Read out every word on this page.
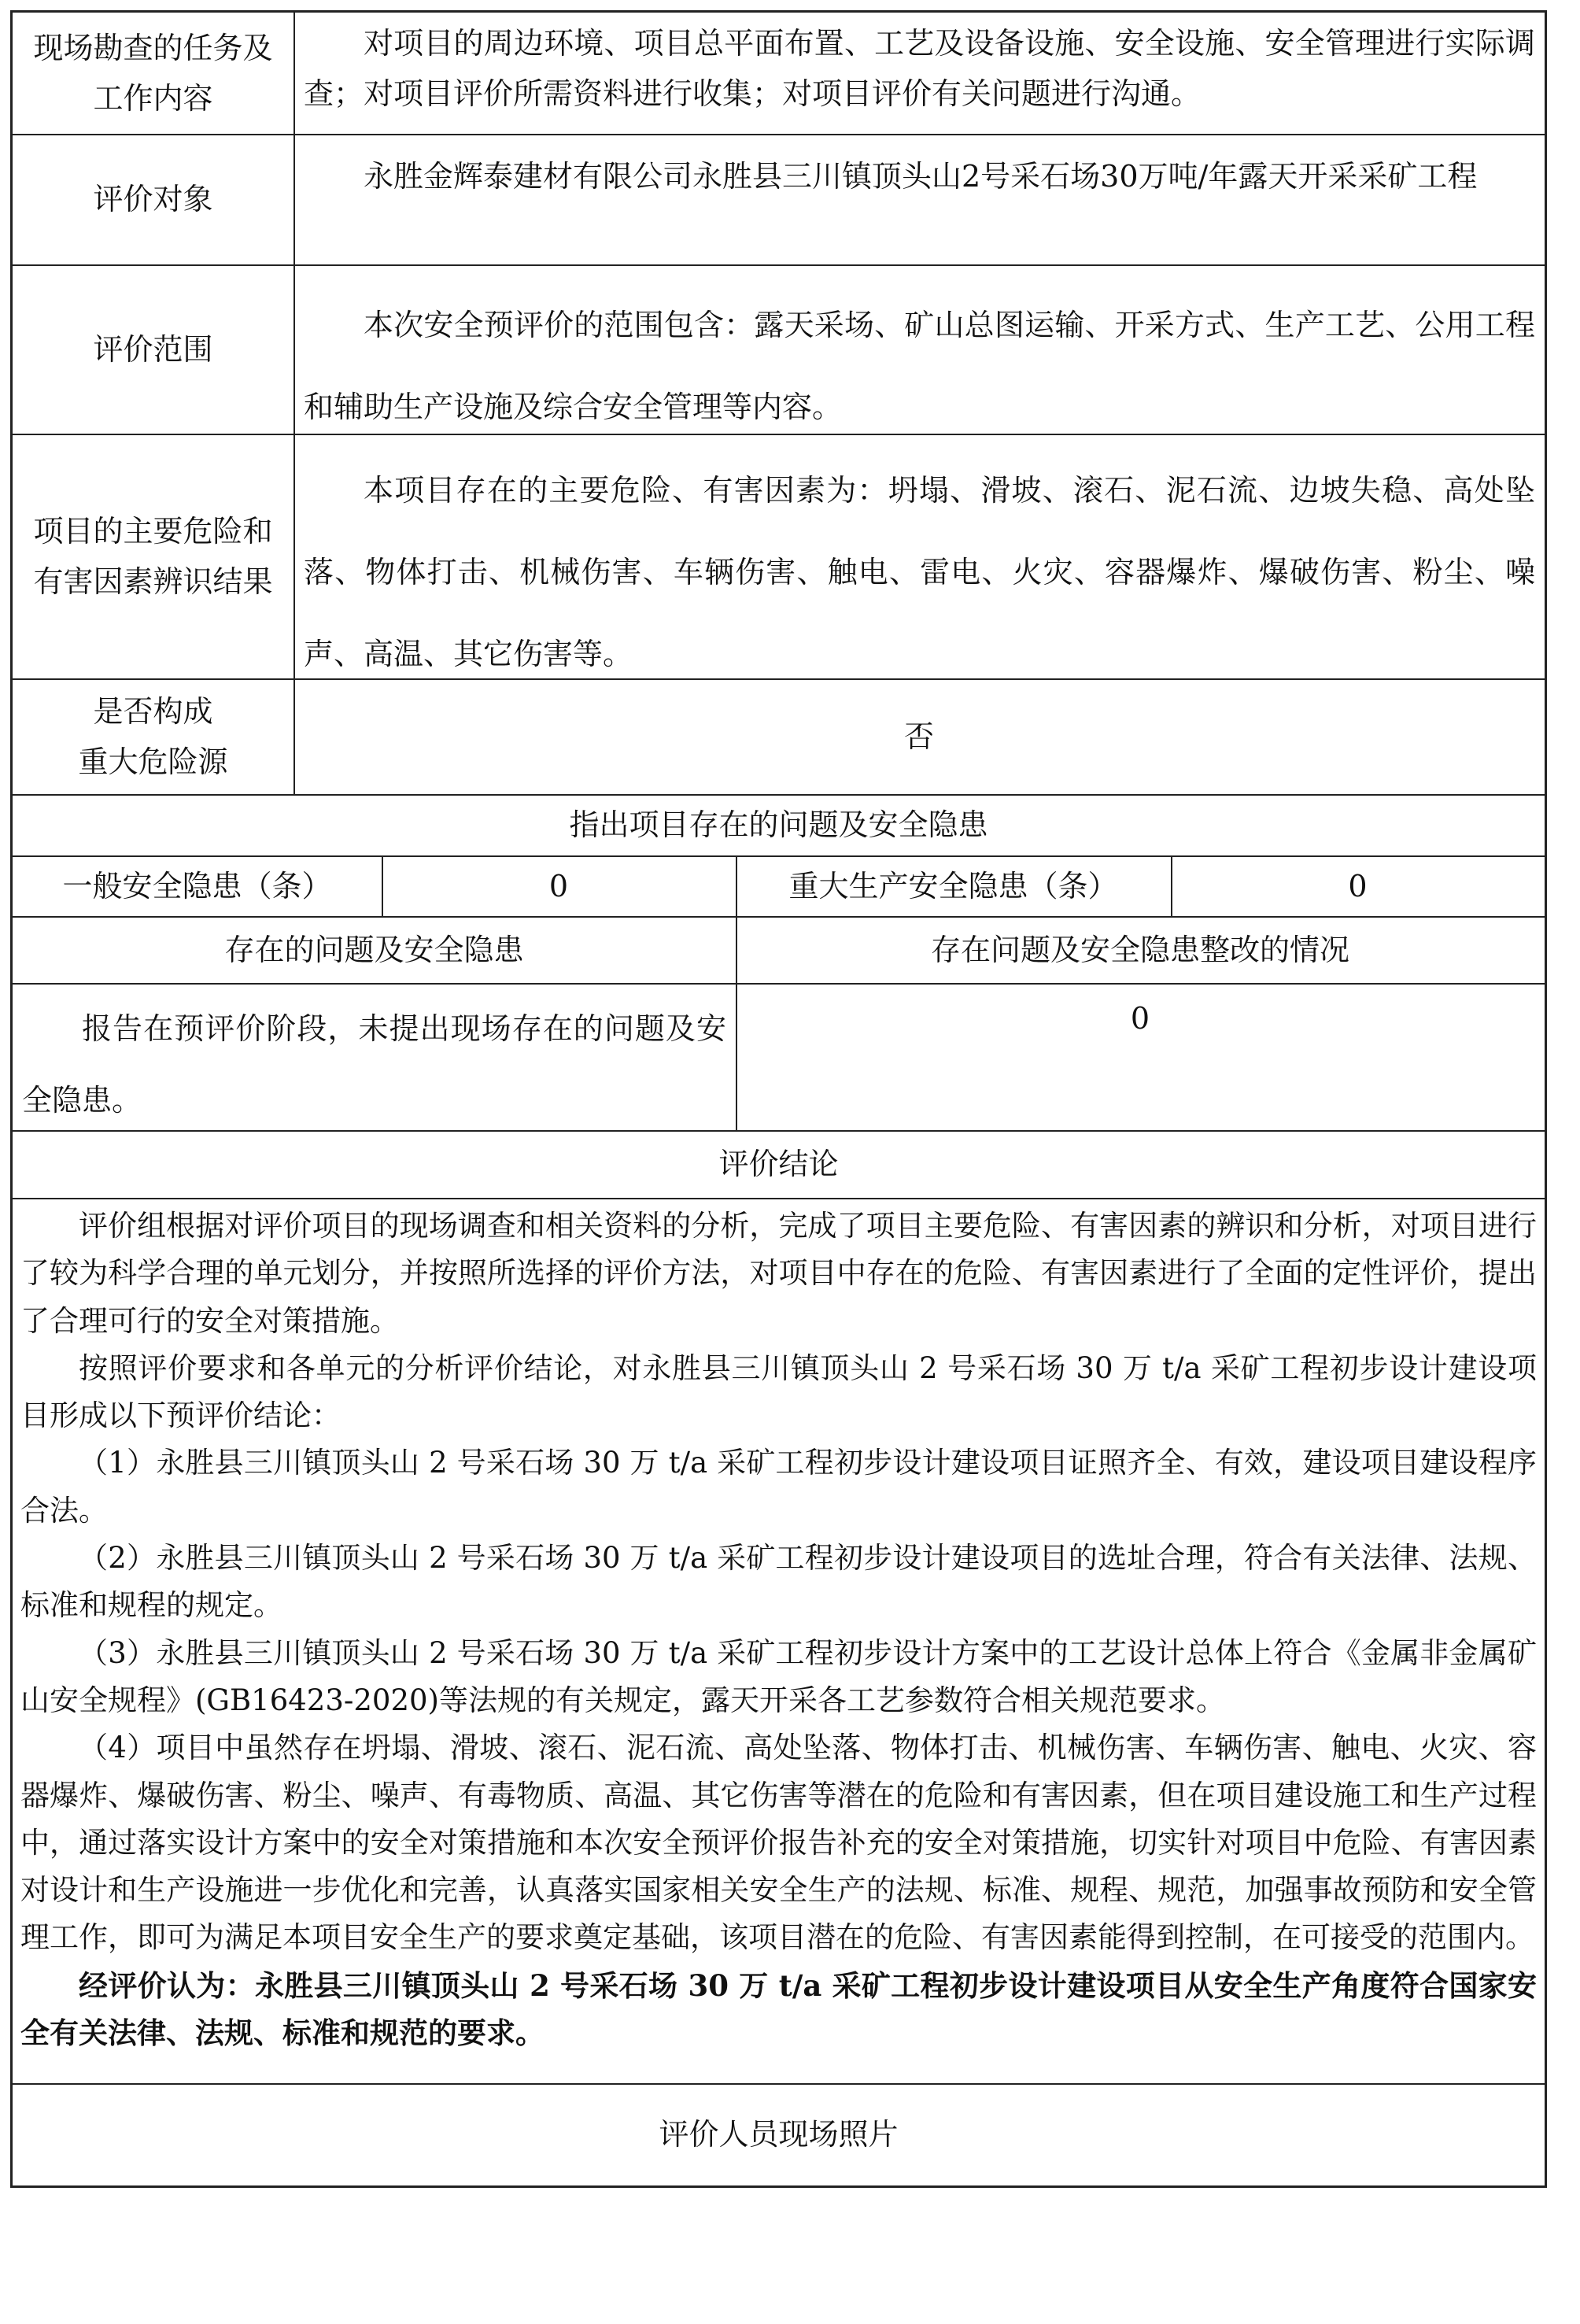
现场勘查的任务及工作内容

对项目的周边环境、项目总平面布置、工艺及设备设施、安全设施、安全管理进行实际调查；对项目评价所需资料进行收集；对项目评价有关问题进行沟通。

评价对象

永胜金辉泰建材有限公司永胜县三川镇顶头山2号采石场30万吨/年露天开采采矿工程

评价范围

本次安全预评价的范围包含：露天采场、矿山总图运输、开采方式、生产工艺、公用工程和辅助生产设施及综合安全管理等内容。

项目的主要危险和有害因素辨识结果

本项目存在的主要危险、有害因素为：坍塌、滑坡、滚石、泥石流、边坡失稳、高处坠落、物体打击、机械伤害、车辆伤害、触电、雷电、火灾、容器爆炸、爆破伤害、粉尘、噪声、高温、其它伤害等。

是否构成
重大危险源
否
指出项目存在的问题及安全隐患
一般安全隐患（条）	0	重大生产安全隐患（条）	0
存在的问题及安全隐患	存在问题及安全隐患整改的情况

报告在预评价阶段，未提出现场存在的问题及安全隐患。

0
评价结论

评价组根据对评价项目的现场调查和相关资料的分析，完成了项目主要危险、有害因素的辨识和分析，对项目进行了较为科学合理的单元划分，并按照所选择的评价方法，对项目中存在的危险、有害因素进行了全面的定性评价，提出了合理可行的安全对策措施。

按照评价要求和各单元的分析评价结论，对永胜县三川镇顶头山 2 号采石场 30 万 t/a 采矿工程初步设计建设项目形成以下预评价结论：

（1）永胜县三川镇顶头山 2 号采石场 30 万 t/a 采矿工程初步设计建设项目证照齐全、有效，建设项目建设程序合法。

（2）永胜县三川镇顶头山 2 号采石场 30 万 t/a 采矿工程初步设计建设项目的选址合理，符合有关法律、法规、标准和规程的规定。

（3）永胜县三川镇顶头山 2 号采石场 30 万 t/a 采矿工程初步设计方案中的工艺设计总体上符合《金属非金属矿山安全规程》(GB16423-2020)等法规的有关规定，露天开采各工艺参数符合相关规范要求。

（4）项目中虽然存在坍塌、滑坡、滚石、泥石流、高处坠落、物体打击、机械伤害、车辆伤害、触电、火灾、容器爆炸、爆破伤害、粉尘、噪声、有毒物质、高温、其它伤害等潜在的危险和有害因素，但在项目建设施工和生产过程中，通过落实设计方案中的安全对策措施和本次安全预评价报告补充的安全对策措施，切实针对项目中危险、有害因素对设计和生产设施进一步优化和完善，认真落实国家相关安全生产的法规、标准、规程、规范，加强事故预防和安全管理工作，即可为满足本项目安全生产的要求奠定基础，该项目潜在的危险、有害因素能得到控制，在可接受的范围内。

经评价认为：永胜县三川镇顶头山 2 号采石场 30 万 t/a 采矿工程初步设计建设项目从安全生产角度符合国家安全有关法律、法规、标准和规范的要求。

评价人员现场照片
